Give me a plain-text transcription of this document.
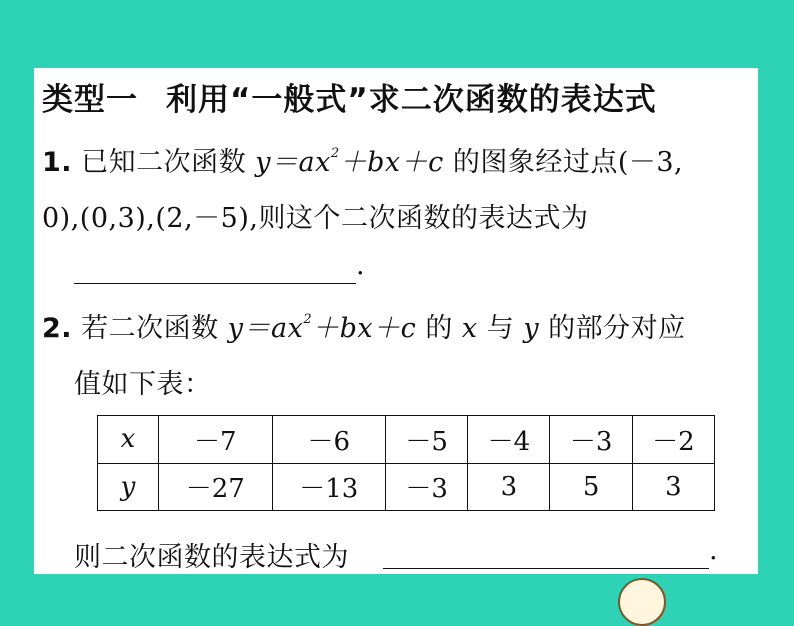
类型一 利用“一般式”求二次函数的表达式
1. 已知二次函数 $y=ax^2+bx+c$ 的图象经过点(－3,
0),(0,3),(2,－5),则这个二次函数的表达式为
.
2. 若二次函数 $y=ax^2+bx+c$ 的 x 与 y 的部分对应
值如下表：
x	－7	－6	－5	－4	－3	－2
y	－27	－13	－3	3	5	3
则二次函数的表达式为	.
